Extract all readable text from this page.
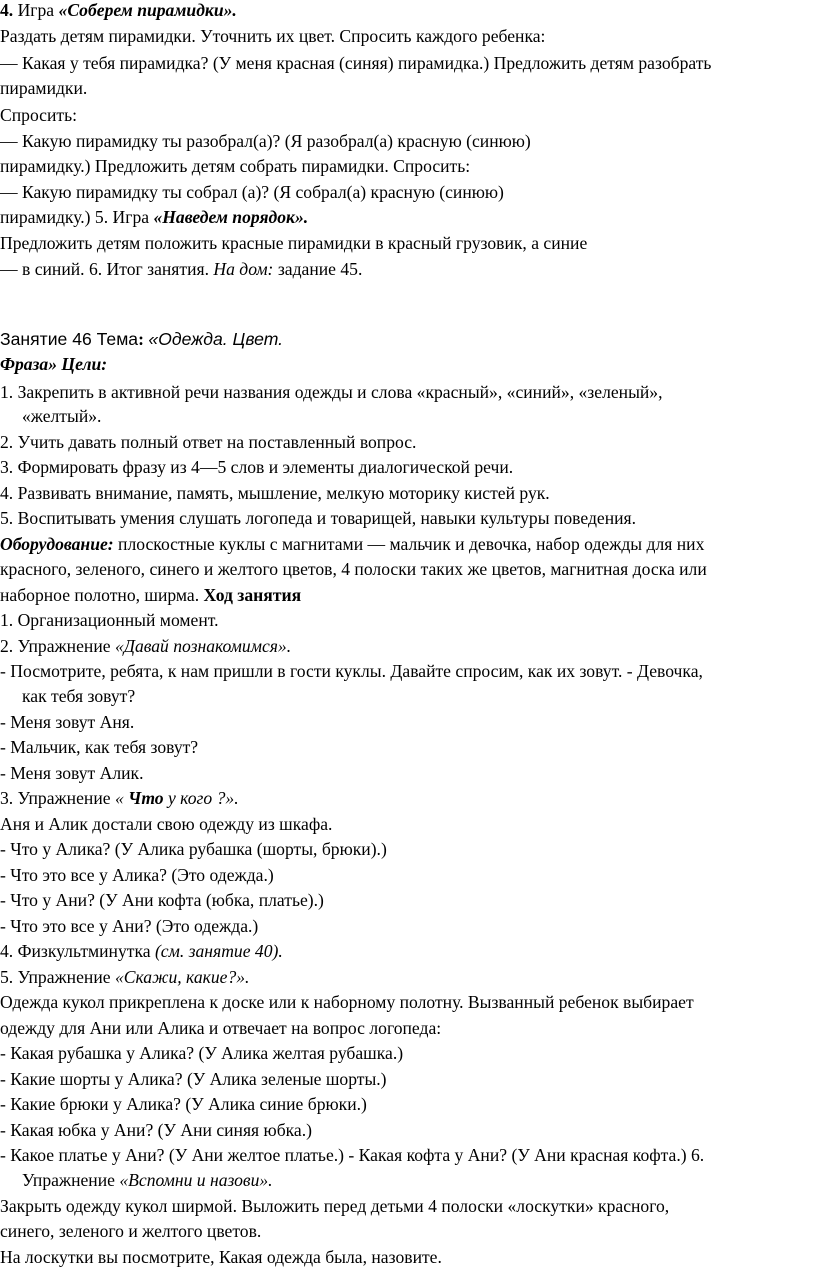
4. Игра «Соберем пирамидки».
Раздать детям пирамидки. Уточнить их цвет. Спросить каждого ребенка:
— Какая у тебя пирамидка? (У меня красная (синяя) пирамидка.) Предложить детям разобрать
пирамидки.
Спросить:
— Какую пирамидку ты разобрал(а)? (Я разобрал(а) красную (синюю)
пирамидку.) Предложить детям собрать пирамидки. Спросить:
— Какую пирамидку ты собрал (а)? (Я собрал(а) красную (синюю)
пирамидку.) 5. Игра «Наведем порядок».
Предложить детям положить красные пирамидки в красный грузовик, а синие
— в синий. 6. Итог занятия. На дом: задание 45.
Занятие 46 Тема: «Одежда. Цвет.
Фраза» Цели:
1. Закрепить в активной речи названия одежды и слова «красный», «синий», «зеленый»,
«желтый».
2. Учить давать полный ответ на поставленный вопрос.
3. Формировать фразу из 4—5 слов и элементы диалогической речи.
4. Развивать внимание, память, мышление, мелкую моторику кистей рук.
5. Воспитывать умения слушать логопеда и товарищей, навыки культуры поведения.
Оборудование: плоскостные куклы с магнитами — мальчик и девочка, набор одежды для них
красного, зеленого, синего и желтого цветов, 4 полоски таких же цветов, магнитная доска или
наборное полотно, ширма. Ход занятия
1. Организационный момент.
2. Упражнение «Давай познакомимся».
- Посмотрите, ребята, к нам пришли в гости куклы. Давайте спросим, как их зовут. - Девочка,
как тебя зовут?
- Меня зовут Аня.
- Мальчик, как тебя зовут?
- Меня зовут Алик.
3. Упражнение « Что у кого ?».
Аня и Алик достали свою одежду из шкафа.
- Что у Алика? (У Алика рубашка (шорты, брюки).)
- Что это все у Алика? (Это одежда.)
- Что у Ани? (У Ани кофта (юбка, платье).)
- Что это все у Ани? (Это одежда.)
4. Физкультминутка (см. занятие 40).
5. Упражнение «Скажи, какие?».
Одежда кукол прикреплена к доске или к наборному полотну. Вызванный ребенок выбирает
одежду для Ани или Алика и отвечает на вопрос логопеда:
- Какая рубашка у Алика? (У Алика желтая рубашка.)
- Какие шорты у Алика? (У Алика зеленые шорты.)
- Какие брюки у Алика? (У Алика синие брюки.)
- Какая юбка у Ани? (У Ани синяя юбка.)
- Какое платье у Ани? (У Ани желтое платье.) - Какая кофта у Ани? (У Ани красная кофта.) 6.
Упражнение «Вспомни и назови».
Закрыть одежду кукол ширмой. Выложить перед детьми 4 полоски «лоскутки» красного,
синего, зеленого и желтого цветов.
На лоскутки вы посмотрите, Какая одежда была, назовите.
